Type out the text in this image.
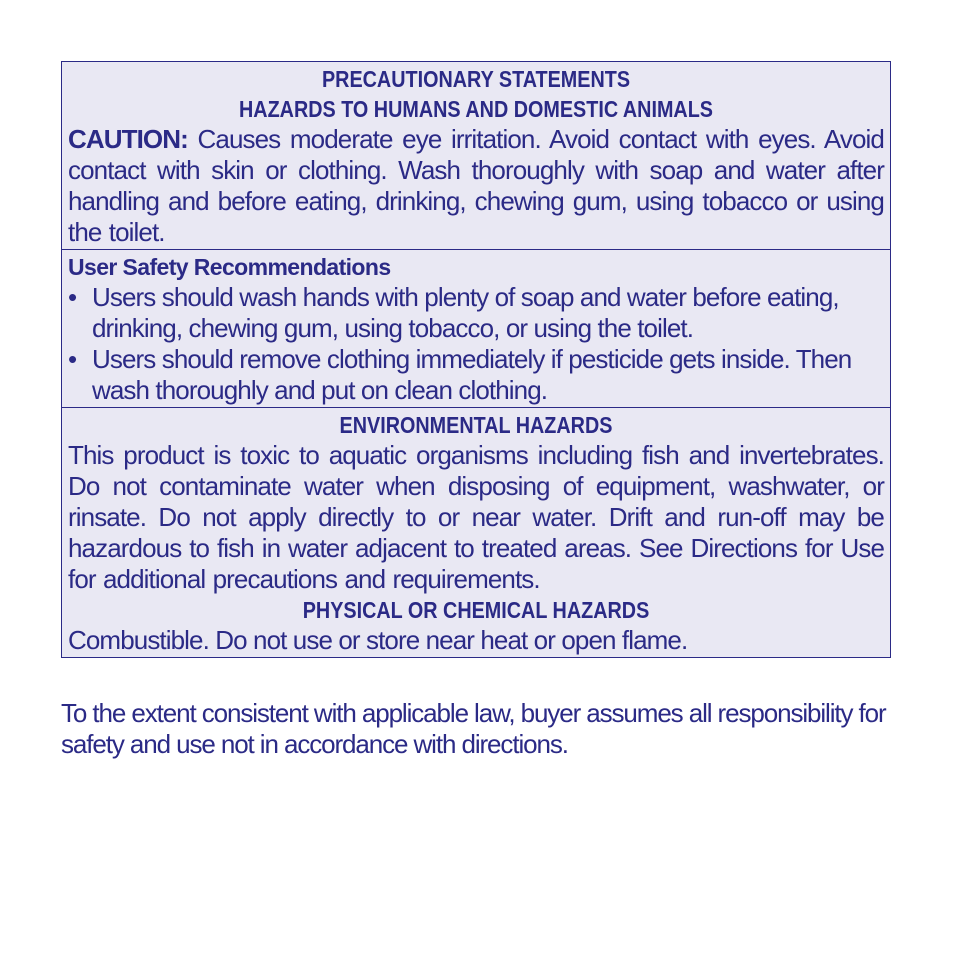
PRECAUTIONARY STATEMENTS
HAZARDS TO HUMANS AND DOMESTIC ANIMALS
CAUTION: Causes moderate eye irritation. Avoid contact with eyes. Avoid contact with skin or clothing. Wash thoroughly with soap and water after handling and before eating, drinking, chewing gum, using tobacco or using the toilet.
User Safety Recommendations
• Users should wash hands with plenty of soap and water before eating, drinking, chewing gum, using tobacco, or using the toilet.
• Users should remove clothing immediately if pesticide gets inside. Then wash thoroughly and put on clean clothing.
ENVIRONMENTAL HAZARDS
This product is toxic to aquatic organisms including fish and invertebrates. Do not contaminate water when disposing of equipment, washwater, or rinsate. Do not apply directly to or near water. Drift and run-off may be hazardous to fish in water adjacent to treated areas. See Directions for Use for additional precautions and requirements.
PHYSICAL OR CHEMICAL HAZARDS
Combustible. Do not use or store near heat or open flame.
To the extent consistent with applicable law, buyer assumes all responsibility for safety and use not in accordance with directions.
